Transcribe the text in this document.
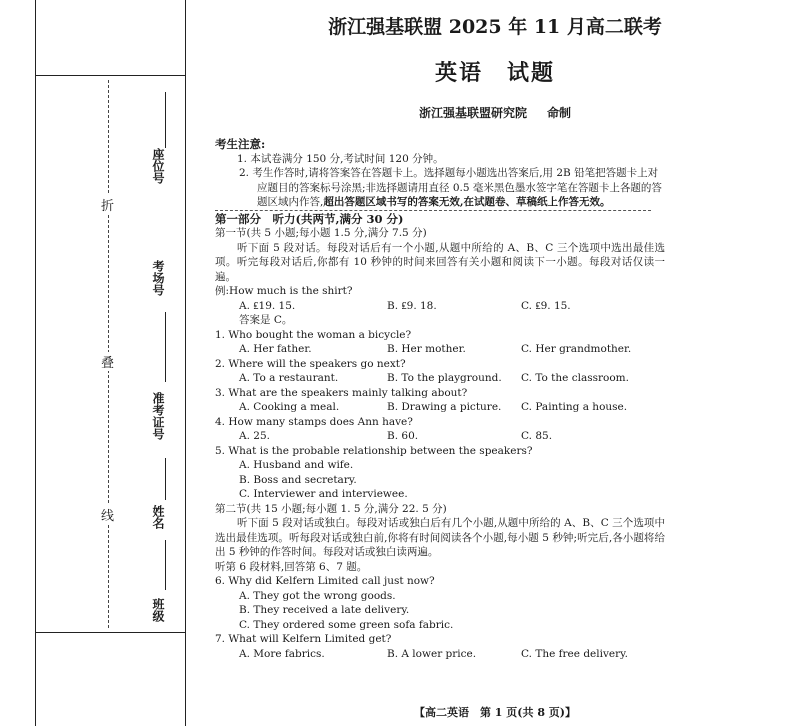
折
叠
线
座位号
考场号
准考证号
姓名
班级
浙江强基联盟 2025 年 11 月高二联考
英语　试题
浙江强基联盟研究院 命制
考生注意:
1. 本试卷满分 150 分,考试时间 120 分钟。
2. 考生作答时,请将答案答在答题卡上。选择题每小题选出答案后,用 2B 铅笔把答题卡上对应题目的答案标号涂黑;非选择题请用直径 0.5 毫米黑色墨水签字笔在答题卡上各题的答题区域内作答,超出答题区域书写的答案无效,在试题卷、草稿纸上作答无效。
第一部分　听力(共两节,满分 30 分)
第一节(共 5 小题;每小题 1.5 分,满分 7.5 分)
听下面 5 段对话。每段对话后有一个小题,从题中所给的 A、B、C 三个选项中选出最佳选项。听完每段对话后,你都有 10 秒钟的时间来回答有关小题和阅读下一小题。每段对话仅读一遍。
例:How much is the shirt?
A. ₤19. 15.	B. ₤9. 18.	C. ₤9. 15.
答案是 C。
1. Who bought the woman a bicycle?
A. Her father.	B. Her mother.	C. Her grandmother.
2. Where will the speakers go next?
A. To a restaurant.	B. To the playground.	C. To the classroom.
3. What are the speakers mainly talking about?
A. Cooking a meal.	B. Drawing a picture.	C. Painting a house.
4. How many stamps does Ann have?
A. 25.	B. 60.	C. 85.
5. What is the probable relationship between the speakers?
A. Husband and wife.
B. Boss and secretary.
C. Interviewer and interviewee.
第二节(共 15 小题;每小题 1. 5 分,满分 22. 5 分)
听下面 5 段对话或独白。每段对话或独白后有几个小题,从题中所给的 A、B、C 三个选项中选出最佳选项。听每段对话或独白前,你将有时间阅读各个小题,每小题 5 秒钟;听完后,各小题将给出 5 秒钟的作答时间。每段对话或独白读两遍。
听第 6 段材料,回答第 6、7 题。
6. Why did Kelfern Limited call just now?
A. They got the wrong goods.
B. They received a late delivery.
C. They ordered some green sofa fabric.
7. What will Kelfern Limited get?
A. More fabrics.	B. A lower price.	C. The free delivery.
【高二英语　第 1 页(共 8 页)】
